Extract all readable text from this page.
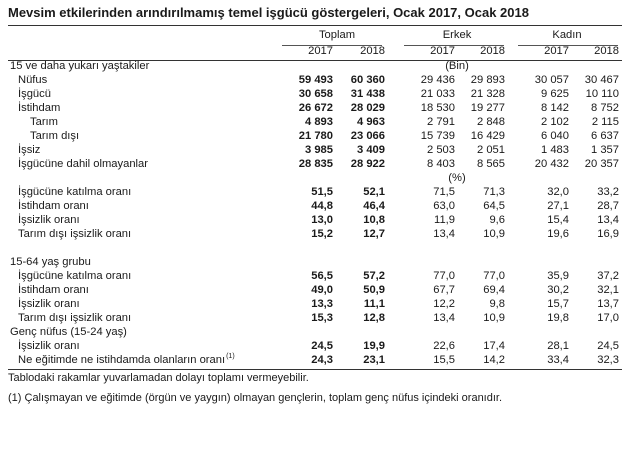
Mevsim etkilerinden arındırılmamış temel işgücü göstergeleri, Ocak 2017, Ocak 2018
Toplam	Erkek	Kadın
2017	2018	2017	2018	2017	2018
15 ve daha yukarı yaştakiler	(Bin)
Nüfus	59 493	60 360	29 436	29 893	30 057	30 467
İşgücü	30 658	31 438	21 033	21 328	9 625	10 110
İstihdam	26 672	28 029	18 530	19 277	8 142	8 752
Tarım	4 893	4 963	2 791	2 848	2 102	2 115
Tarım dışı	21 780	23 066	15 739	16 429	6 040	6 637
İşsiz	3 985	3 409	2 503	2 051	1 483	1 357
İşgücüne dahil olmayanlar	28 835	28 922	8 403	8 565	20 432	20 357
(%)
İşgücüne katılma oranı	51,5	52,1	71,5	71,3	32,0	33,2
İstihdam oranı	44,8	46,4	63,0	64,5	27,1	28,7
İşsizlik oranı	13,0	10,8	11,9	9,6	15,4	13,4
Tarım dışı işsizlik oranı	15,2	12,7	13,4	10,9	19,6	16,9
15-64 yaş grubu
İşgücüne katılma oranı	56,5	57,2	77,0	77,0	35,9	37,2
İstihdam oranı	49,0	50,9	67,7	69,4	30,2	32,1
İşsizlik oranı	13,3	11,1	12,2	9,8	15,7	13,7
Tarım dışı işsizlik oranı	15,3	12,8	13,4	10,9	19,8	17,0
Genç nüfus (15-24 yaş)
İşsizlik oranı	24,5	19,9	22,6	17,4	28,1	24,5
Ne eğitimde ne istihdamda olanların oranı (1)	24,3	23,1	15,5	14,2	33,4	32,3
Tablodaki rakamlar yuvarlamadan dolayı toplamı vermeyebilir.
(1) Çalışmayan ve eğitimde (örgün ve yaygın) olmayan gençlerin, toplam genç nüfus içindeki oranıdır.
